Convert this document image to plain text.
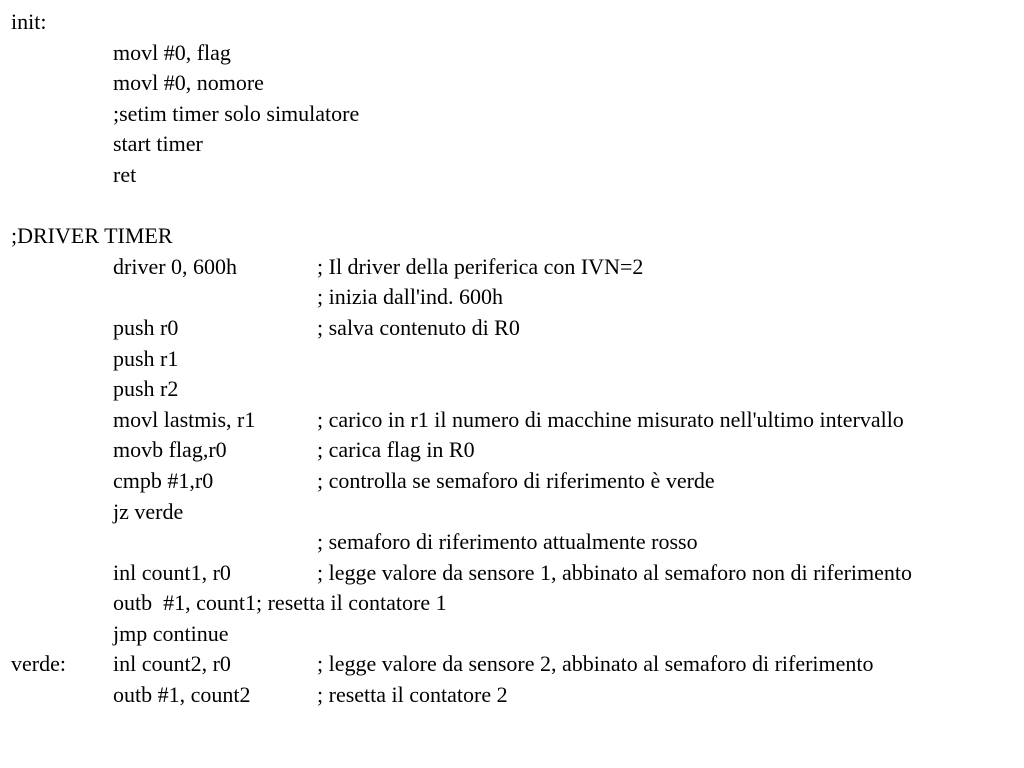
init:
movl #0, flag
movl #0, nomore
;setim timer solo simulatore
start timer
ret
;DRIVER TIMER
driver 0, 600h	; Il driver della periferica con IVN=2
; inizia dall'ind. 600h
push r0	; salva contenuto di R0
push r1
push r2
movl lastmis, r1	; carico in r1 il numero di macchine misurato nell'ultimo intervallo
movb flag,r0	; carica flag in R0
cmpb #1,r0	; controlla se semaforo di riferimento è verde
jz verde
; semaforo di riferimento attualmente rosso
inl count1, r0	; legge valore da sensore 1, abbinato al semaforo non di riferimento
outb  #1, count1; resetta il contatore 1
jmp continue
verde: inl count2, r0	; legge valore da sensore 2, abbinato al semaforo di riferimento
outb #1, count2	; resetta il contatore 2
